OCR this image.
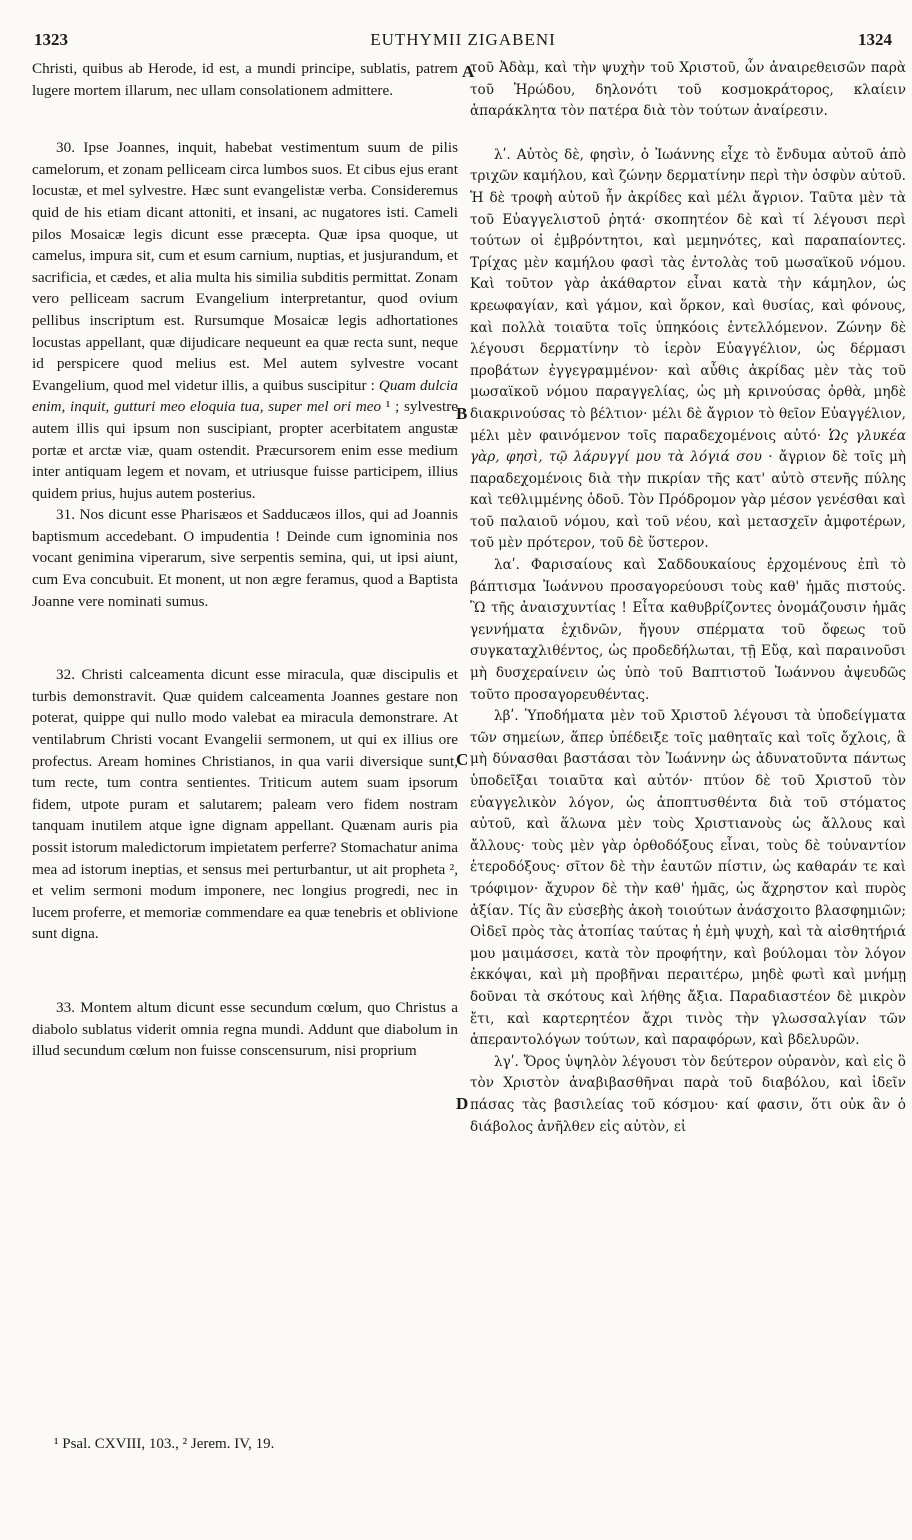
1323	EUTHYMII ZIGABENI	1324
A
B
C
D

Christi, quibus ab Herode, id est, a mundi principe, sublatis, patrem lugere mortem illarum, nec ullam consolationem admittere.

30. Ipse Joannes, inquit, habebat vestimentum suum de pilis camelorum, et zonam pelliceam circa lumbos suos. Et cibus ejus erant locustæ, et mel sylvestre. Hæc sunt evangelistæ verba. Consideremus quid de his etiam dicant attoniti, et insani, ac nugatores isti. Cameli pilos Mosaicæ legis dicunt esse præcepta. Quæ ipsa quoque, ut camelus, impura sit, cum et esum carnium, nuptias, et jusjurandum, et sacrificia, et cædes, et alia multa his similia subditis permittat. Zonam vero pelliceam sacrum Evangelium interpretantur, quod ovium pellibus inscriptum est. Rursumque Mosaicæ legis adhortationes locustas appellant, quæ dijudicare nequeunt ea quæ recta sunt, neque id perspicere quod melius est. Mel autem sylvestre vocant Evangelium, quod mel videtur illis, a quibus suscipitur : Quam dulcia enim, inquit, gutturi meo eloquia tua, super mel ori meo ¹ ; sylvestre autem illis qui ipsum non suscipiant, propter acerbitatem angustæ portæ et arctæ viæ, quam ostendit. Præcursorem enim esse medium inter antiquam legem et novam, et utriusque fuisse participem, illius quidem prius, hujus autem posterius.

31. Nos dicunt esse Pharisæos et Sadducæos illos, qui ad Joannis baptismum accedebant. O impudentia ! Deinde cum ignominia nos vocant genimina viperarum, sive serpentis semina, qui, ut ipsi aiunt, cum Eva concubuit. Et monent, ut non ægre feramus, quod a Baptista Joanne vere nominati sumus.

32. Christi calceamenta dicunt esse miracula, quæ discipulis et turbis demonstravit. Quæ quidem calceamenta Joannes gestare non poterat, quippe qui nullo modo valebat ea miracula demonstrare. At ventilabrum Christi vocant Evangelii sermonem, ut qui ex illius ore profectus. Aream homines Christianos, in qua varii diversique sunt, tum recte, tum contra sentientes. Triticum autem suam ipsorum fidem, utpote puram et salutarem; paleam vero fidem nostram tanquam inutilem atque igne dignam appellant. Quænam auris pia possit istorum maledictorum impietatem perferre? Stomachatur anima mea ad istorum ineptias, et sensus mei perturbantur, ut ait propheta ², et velim sermoni modum imponere, nec longius progredi, nec in lucem proferre, et memoriæ commendare ea quæ tenebris et oblivione sunt digna.

33. Montem altum dicunt esse secundum cœlum, quo Christus a diabolo sublatus viderit omnia regna mundi. Addunt que diabolum in illud secundum cœlum non fuisse conscensurum, nisi proprium

τοῦ Ἀδὰμ, καὶ τὴν ψυχὴν τοῦ Χριστοῦ, ὧν ἀναιρεθεισῶν παρὰ τοῦ Ἡρώδου, δηλονότι τοῦ κοσμοκράτορος, κλαίειν ἀπαράκλητα τὸν πατέρα διὰ τὸν τούτων ἀναίρεσιν.

λʹ. Αὐτὸς δὲ, φησὶν, ὁ Ἰωάννης εἶχε τὸ ἔνδυμα αὐτοῦ ἀπὸ τριχῶν καμήλου, καὶ ζώνην δερματίνην περὶ τὴν ὀσφὺν αὐτοῦ. Ἡ δὲ τροφὴ αὐτοῦ ἦν ἀκρίδες καὶ μέλι ἄγριον. Ταῦτα μὲν τὰ τοῦ Εὐαγγελιστοῦ ῥητά· σκοπητέον δὲ καὶ τί λέγουσι περὶ τούτων οἱ ἐμβρόντητοι, καὶ μεμηνότες, καὶ παραπαίοντες. Τρίχας μὲν καμήλου φασὶ τὰς ἐντολὰς τοῦ μωσαϊκοῦ νόμου. Καὶ τοῦτον γὰρ ἀκάθαρτον εἶναι κατὰ τὴν κάμηλον, ὡς κρεωφαγίαν, καὶ γάμον, καὶ ὅρκον, καὶ θυσίας, καὶ φόνους, καὶ πολλὰ τοιαῦτα τοῖς ὑπηκόοις ἐντελλόμενον. Ζώνην δὲ λέγουσι δερματίνην τὸ ἱερὸν Εὐαγγέλιον, ὡς δέρμασι προβάτων ἐγγεγραμμένον· καὶ αὖθις ἀκρίδας μὲν τὰς τοῦ μωσαϊκοῦ νόμου παραγγελίας, ὡς μὴ κρινούσας ὀρθὰ, μηδὲ διακρινούσας τὸ βέλτιον· μέλι δὲ ἄγριον τὸ θεῖον Εὐαγγέλιον, μέλι μὲν φαινόμενον τοῖς παραδεχομένοις αὐτό· Ὡς γλυκέα γὰρ, φησὶ, τῷ λάρυγγί μου τὰ λόγιά σου · ἄγριον δὲ τοῖς μὴ παραδεχομένοις διὰ τὴν πικρίαν τῆς κατ' αὐτὸ στενῆς πύλης καὶ τεθλιμμένης ὁδοῦ. Τὸν Πρόδρομον γὰρ μέσον γενέσθαι καὶ τοῦ παλαιοῦ νόμου, καὶ τοῦ νέου, καὶ μετασχεῖν ἀμφοτέρων, τοῦ μὲν πρότερον, τοῦ δὲ ὕστερον.

λαʹ. Φαρισαίους καὶ Σαδδουκαίους ἐρχομένους ἐπὶ τὸ βάπτισμα Ἰωάννου προσαγορεύουσι τοὺς καθ' ἡμᾶς πιστούς. Ὢ τῆς ἀναισχυντίας ! Εἶτα καθυβρίζοντες ὀνομάζουσιν ἡμᾶς γεννήματα ἐχιδνῶν, ἤγουν σπέρματα τοῦ ὄφεως τοῦ συγκαταχλιθέντος, ὡς προδεδήλωται, τῇ Εὔᾳ, καὶ παραινοῦσι μὴ δυσχεραίνειν ὡς ὑπὸ τοῦ Βαπτιστοῦ Ἰωάννου ἀψευδῶς τοῦτο προσαγορευθέντας.

λβʹ. Ὑποδήματα μὲν τοῦ Χριστοῦ λέγουσι τὰ ὑποδείγματα τῶν σημείων, ἅπερ ὑπέδειξε τοῖς μαθηταῖς καὶ τοῖς ὄχλοις, ἃ μὴ δύνασθαι βαστάσαι τὸν Ἰωάννην ὡς ἀδυνατοῦντα πάντως ὑποδεῖξαι τοιαῦτα καὶ αὐτόν· πτύον δὲ τοῦ Χριστοῦ τὸν εὐαγγελικὸν λόγον, ὡς ἀποπτυσθέντα διὰ τοῦ στόματος αὐτοῦ, καὶ ἅλωνα μὲν τοὺς Χριστιανοὺς ὡς ἄλλους καὶ ἄλλους· τοὺς μὲν γὰρ ὀρθοδόξους εἶναι, τοὺς δὲ τοὐναντίον ἑτεροδόξους· σῖτον δὲ τὴν ἑαυτῶν πίστιν, ὡς καθαράν τε καὶ τρόφιμον· ἄχυρον δὲ τὴν καθ' ἡμᾶς, ὡς ἄχρηστον καὶ πυρὸς ἀξίαν. Τίς ἂν εὐσεβὴς ἀκοὴ τοιούτων ἀνάσχοιτο βλασφημιῶν; Οἰδεῖ πρὸς τὰς ἀτοπίας ταύτας ἡ ἐμὴ ψυχὴ, καὶ τὰ αἰσθητήριά μου μαιμάσσει, κατὰ τὸν προφήτην, καὶ βούλομαι τὸν λόγον ἐκκόψαι, καὶ μὴ προβῆναι περαιτέρω, μηδὲ φωτὶ καὶ μνήμῃ δοῦναι τὰ σκότους καὶ λήθης ἄξια. Παραδιαστέον δὲ μικρὸν ἔτι, καὶ καρτερητέον ἄχρι τινὸς τὴν γλωσσαλγίαν τῶν ἀπεραντολόγων τούτων, καὶ παραφόρων, καὶ βδελυρῶν.

λγʹ. Ὄρος ὑψηλὸν λέγουσι τὸν δεύτερον οὐρανὸν, καὶ εἰς ὃ τὸν Χριστὸν ἀναβιβασθῆναι παρὰ τοῦ διαβόλου, καὶ ἰδεῖν πάσας τὰς βασιλείας τοῦ κόσμου· καί φασιν, ὅτι οὐκ ἂν ὁ διάβολος ἀνῆλθεν εἰς αὐτὸν, εἰ

¹ Psal. CXVIII, 103., ² Jerem. IV, 19.
